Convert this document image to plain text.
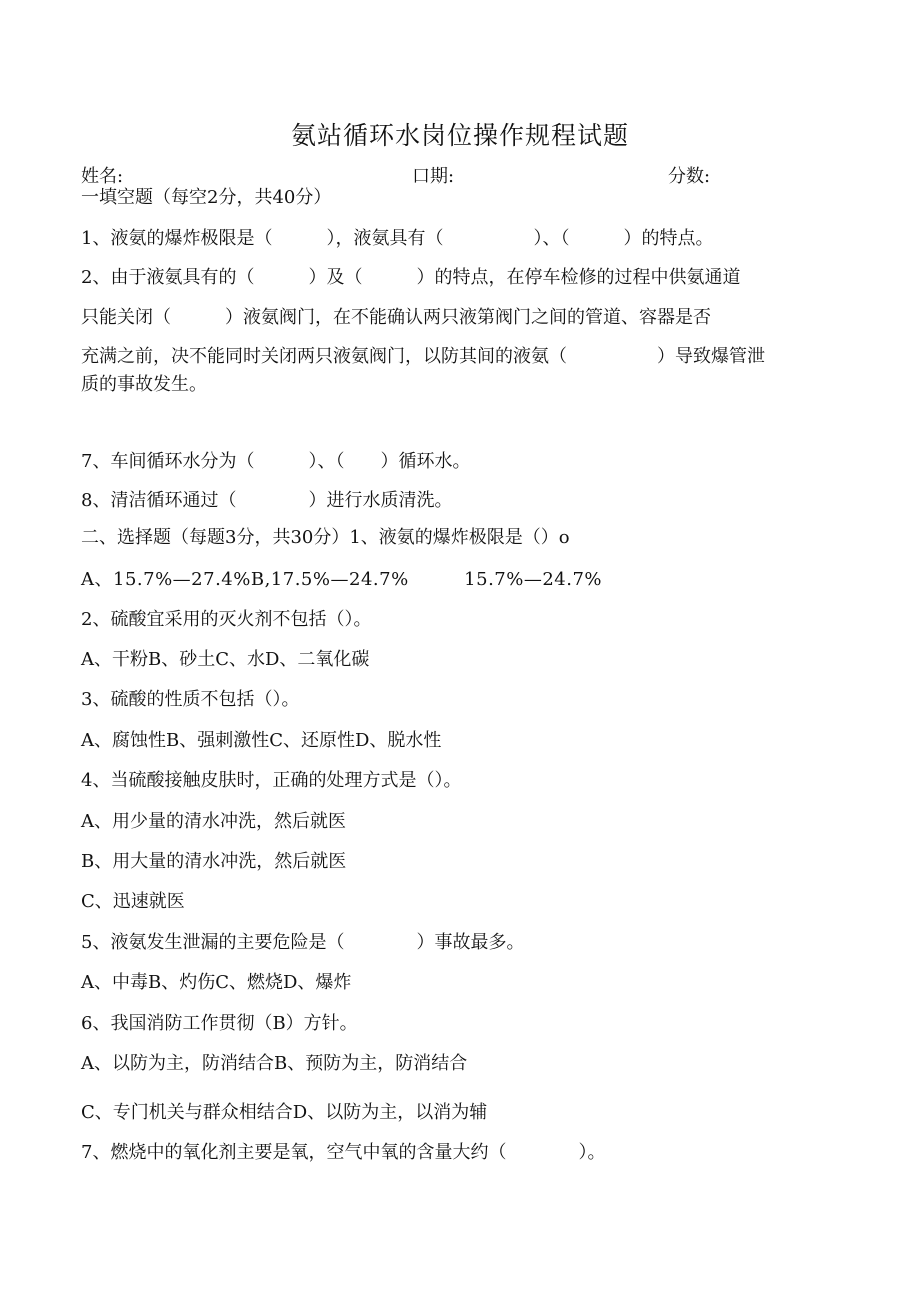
氨站循环水岗位操作规程试题
姓名:	口期:	分数:
一填空题（每空2分，共40分）
1、液氨的爆炸极限是（　　　），液氨具有（　　　　　）、（　　　）的特点。
2、由于液氨具有的（　　　）及（　　　）的特点，在停车检修的过程中供氨通道
只能关闭（　　　）液氨阀门，在不能确认两只液第阀门之间的管道、容器是否
充满之前，决不能同时关闭两只液氨阀门，以防其间的液氨（　　　　　）导致爆管泄
质的事故发生。
7、车间循环水分为（　　　）、（　　）循环水。
8、清洁循环通过（　　　　）进行水质清洗。
二、选择题（每题3分，共30分）1、液氨的爆炸极限是（）o
A、15.7%—27.4%B,17.5%—24.7%　　　15.7%—24.7%
2、硫酸宜采用的灭火剂不包括（）。
A、干粉B、砂土C、水D、二氧化碳
3、硫酸的性质不包括（）。
A、腐蚀性B、强刺激性C、还原性D、脱水性
4、当硫酸接触皮肤时，正确的处理方式是（）。
A、用少量的清水冲洗，然后就医
B、用大量的清水冲洗，然后就医
C、迅速就医
5、液氨发生泄漏的主要危险是（　　　　）事故最多。
A、中毒B、灼伤C、燃烧D、爆炸
6、我国消防工作贯彻（B）方针。
A、以防为主，防消结合B、预防为主，防消结合
C、专门机关与群众相结合D、以防为主，以消为辅
7、燃烧中的氧化剂主要是氧，空气中氧的含量大约（　　　　）。
